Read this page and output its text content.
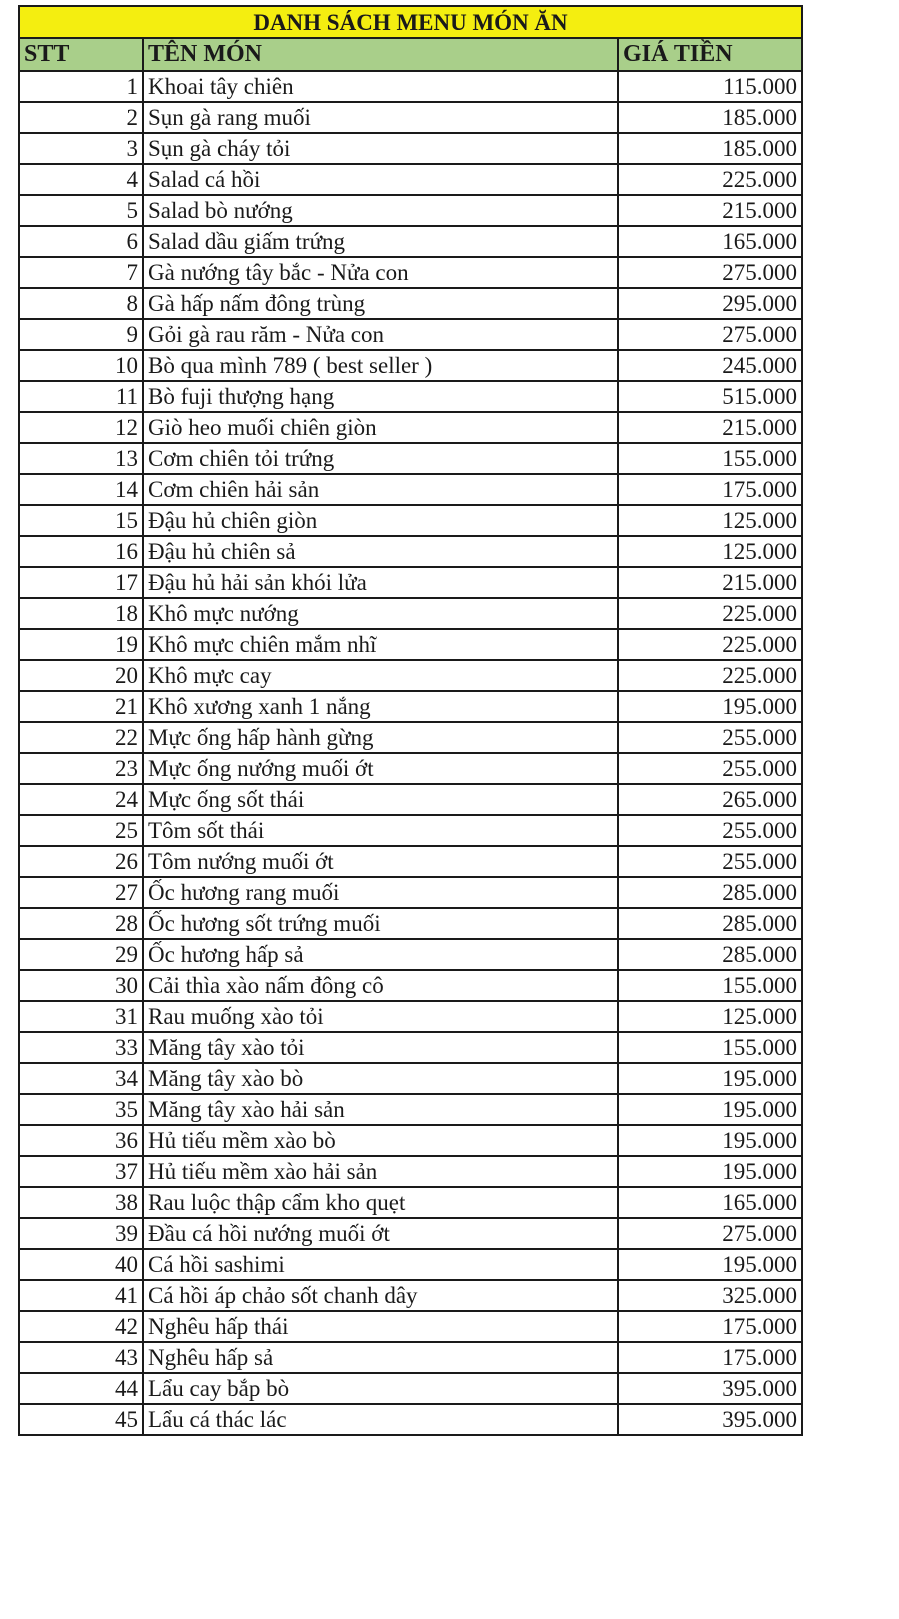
DANH SÁCH MENU MÓN ĂN		
STT	TÊN MÓN	GIÁ TIỀN
1	Khoai tây chiên	115.000
2	Sụn gà rang muối	185.000
3	Sụn gà cháy tỏi	185.000
4	Salad cá hồi	225.000
5	Salad bò nướng	215.000
6	Salad dầu giấm trứng	165.000
7	Gà nướng tây bắc - Nửa con	275.000
8	Gà hấp nấm đông trùng	295.000
9	Gỏi gà rau răm - Nửa con	275.000
10	Bò qua mình 789 ( best seller )	245.000
11	Bò fuji thượng hạng	515.000
12	Giò heo muối chiên giòn	215.000
13	Cơm chiên tỏi trứng	155.000
14	Cơm chiên hải sản	175.000
15	Đậu hủ chiên giòn	125.000
16	Đậu hủ chiên sả	125.000
17	Đậu hủ hải sản khói lửa	215.000
18	Khô mực nướng	225.000
19	Khô mực chiên mắm nhĩ	225.000
20	Khô mực cay	225.000
21	Khô xương xanh 1 nắng	195.000
22	Mực ống hấp hành gừng	255.000
23	Mực ống nướng muối ớt	255.000
24	Mực ống sốt thái	265.000
25	Tôm sốt thái	255.000
26	Tôm nướng muối ớt	255.000
27	Ốc hương rang muối	285.000
28	Ốc hương sốt trứng muối	285.000
29	Ốc hương hấp sả	285.000
30	Cải thìa xào nấm đông cô	155.000
31	Rau muống xào tỏi	125.000
33	Măng tây xào tỏi	155.000
34	Măng tây xào bò	195.000
35	Măng tây xào hải sản	195.000
36	Hủ tiếu mềm xào bò	195.000
37	Hủ tiếu mềm xào hải sản	195.000
38	Rau luộc thập cẩm kho quẹt	165.000
39	Đầu cá hồi nướng muối ớt	275.000
40	Cá hồi sashimi	195.000
41	Cá hồi áp chảo sốt chanh dây	325.000
42	Nghêu hấp thái	175.000
43	Nghêu hấp sả	175.000
44	Lẩu cay bắp bò	395.000
45	Lẩu cá thác lác	395.000
